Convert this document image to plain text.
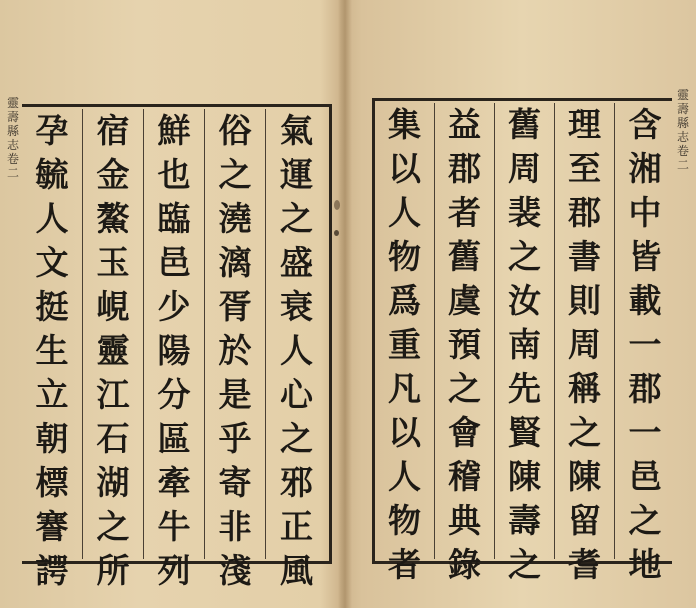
靈
壽
縣
志
卷
二
孕
毓
人
文
挺
生
立
朝
標
謇
諤
宿
金
鰲
玉
峴
靈
江
石
湖
之
所
鮮
也
臨
邑
少
陽
分
區
牽
牛
列
俗
之
澆
漓
胥
於
是
乎
寄
非
淺
氣
運
之
盛
衰
人
心
之
邪
正
風
集
以
人
物
爲
重
凡
以
人
物
者
益
郡
者
舊
虞
預
之
會
稽
典
錄
舊
周
裴
之
汝
南
先
賢
陳
壽
之
理
至
郡
書
則
周
稱
之
陳
留
耆
含
湘
中
皆
載
一
郡
一
邑
之
地
靈
壽
縣
志
卷
二
